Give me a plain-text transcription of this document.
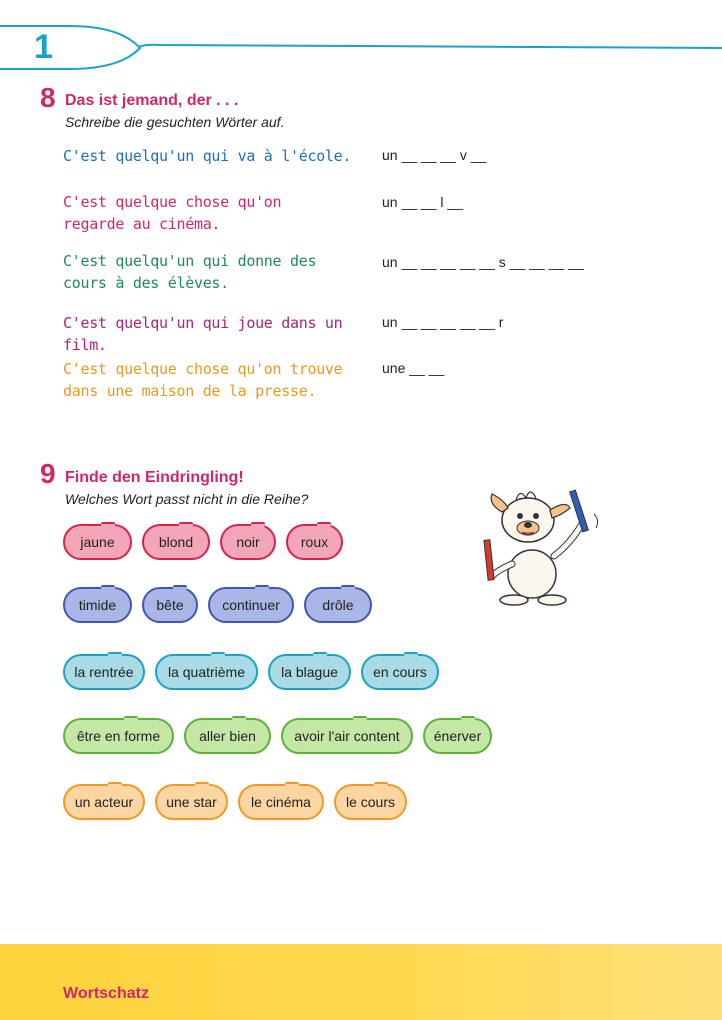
1
8 Das ist jemand, der . . .
Schreibe die gesuchten Wörter auf.
C'est quelqu'un qui va à l'école.	un __ __ __ v __
C'est quelque chose qu'on regarde au cinéma.
un __ __ l __
C'est quelqu'un qui donne des cours à des élèves.
un __ __ __ __ __ s __ __ __ __
C'est quelqu'un qui joue dans un film.
un __ __ __ __ __ r
C'est quelque chose qu'on trouve dans une maison de la presse.
une __ __
9 Finde den Eindringling!
Welches Wort passt nicht in die Reihe?
jaune	blond	noir	roux
timide	bête	continuer	drôle
la rentrée	la quatrième	la blague	en cours
être en forme	aller bien	avoir l'air content	énerver
un acteur	une star	le cinéma	le cours
Wortschatz
